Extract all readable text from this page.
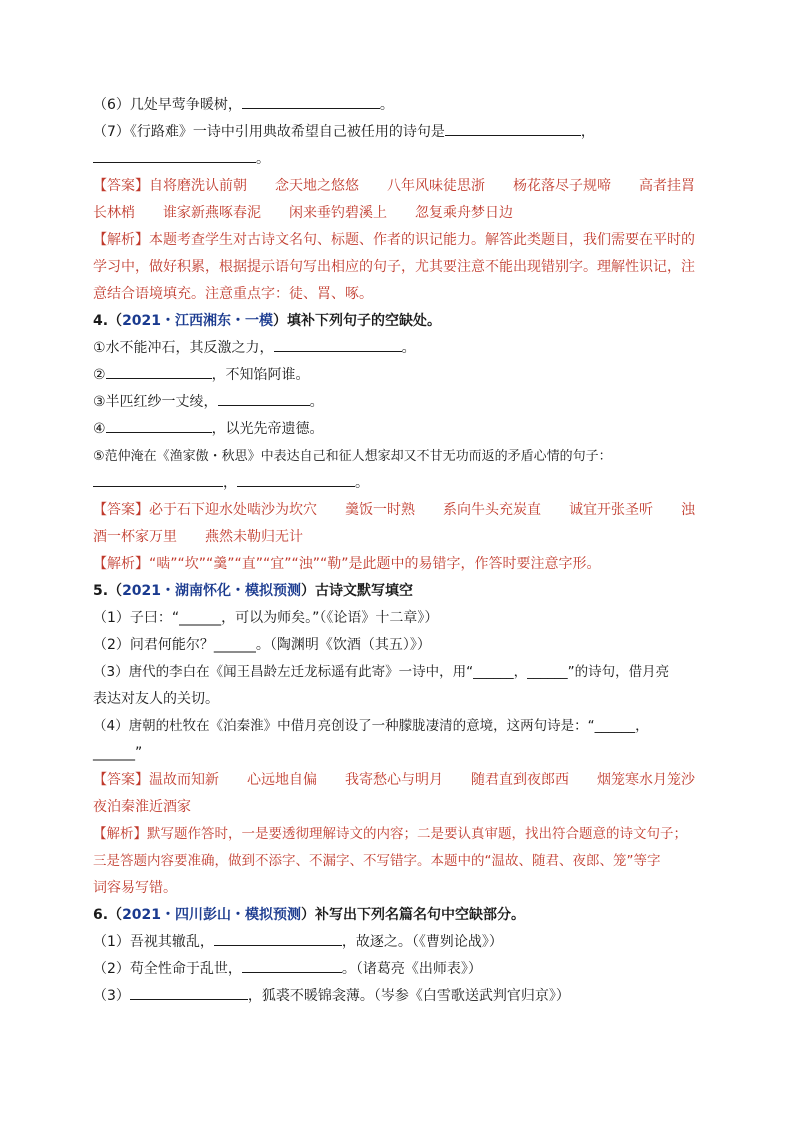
（6）几处早莺争暖树，	。
（7）《行路难》一诗中引用典故希望自己被任用的诗句是	，
。
【答案】自将磨洗认前朝 念天地之悠悠 八年风味徒思浙 杨花落尽子规啼 高者挂罥
长林梢 谁家新燕啄春泥 闲来垂钓碧溪上 忽复乘舟梦日边
【解析】本题考查学生对古诗文名句、标题、作者的识记能力。解答此类题目，我们需要在平时的
学习中，做好积累，根据提示语句写出相应的句子，尤其要注意不能出现错别字。理解性识记，注
意结合语境填充。注意重点字：徒、罥、啄。
4.（2021・江西湘东・一模）填补下列句子的空缺处。
①水不能冲石，其反激之力，	。
②	，不知馅阿谁。
③半匹红纱一丈绫，	。
④	，以光先帝遗德。
⑤范仲淹在《渔家傲・秋思》中表达自己和征人想家却又不甘无功而返的矛盾心情的句子：
，	。
【答案】必于石下迎水处啮沙为坎穴 羹饭一时熟 系向牛头充炭直 诚宜开张圣听 浊
酒一杯家万里 燕然未勒归无计
【解析】“啮”“坎”“羹”“直”“宜”“浊”“勒”是此题中的易错字，作答时要注意字形。
5.（2021・湖南怀化・模拟预测）古诗文默写填空
（1）子曰：“______，可以为师矣。”（《论语》十二章》）
（2）问君何能尔？______。（陶渊明《饮酒（其五）》）
（3）唐代的李白在《闻王昌龄左迁龙标遥有此寄》一诗中，用“______，______”的诗句，借月亮
表达对友人的关切。
（4）唐朝的杜牧在《泊秦淮》中借月亮创设了一种朦胧凄清的意境，这两句诗是：“______，
______”
【答案】温故而知新 心远地自偏 我寄愁心与明月 随君直到夜郎西 烟笼寒水月笼沙
夜泊秦淮近酒家
【解析】默写题作答时，一是要透彻理解诗文的内容；二是要认真审题，找出符合题意的诗文句子；
三是答题内容要准确，做到不添字、不漏字、不写错字。本题中的“温故、随君、夜郎、笼”等字
词容易写错。
6.（2021・四川彭山・模拟预测）补写出下列名篇名句中空缺部分。
（1）吾视其辙乱，	，故逐之。（《曹刿论战》）
（2）苟全性命于乱世，	。（诸葛亮《出师表》）
（3）	，狐裘不暖锦衾薄。（岑参《白雪歌送武判官归京》）
